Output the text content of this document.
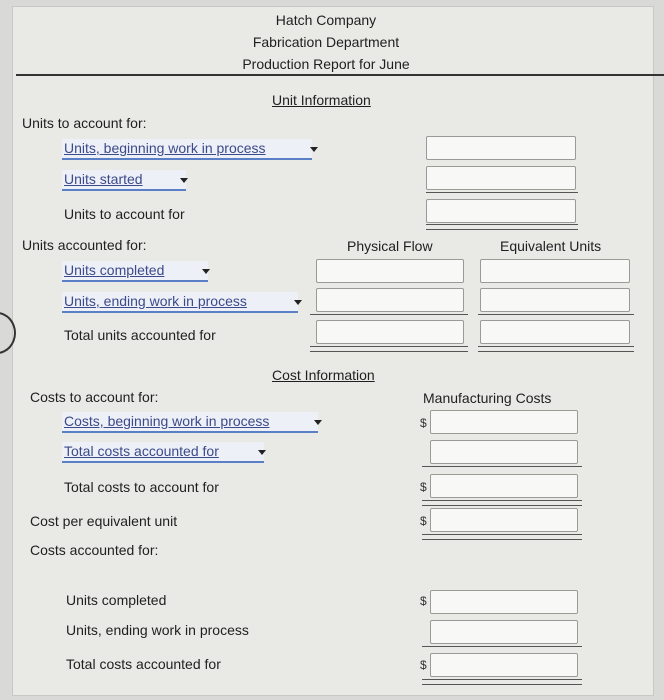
Hatch Company
Fabrication Department
Production Report for June
Unit Information
Units to account for:
Units, beginning work in process
Units started
Units to account for
Units accounted for:	Physical Flow	Equivalent Units
Units completed
Units, ending work in process
Total units accounted for
Cost Information
Costs to account for:	Manufacturing Costs
Costs, beginning work in process	$
Total costs accounted for
Total costs to account for	$
Cost per equivalent unit	$
Costs accounted for:
Units completed	$
Units, ending work in process
Total costs accounted for	$
